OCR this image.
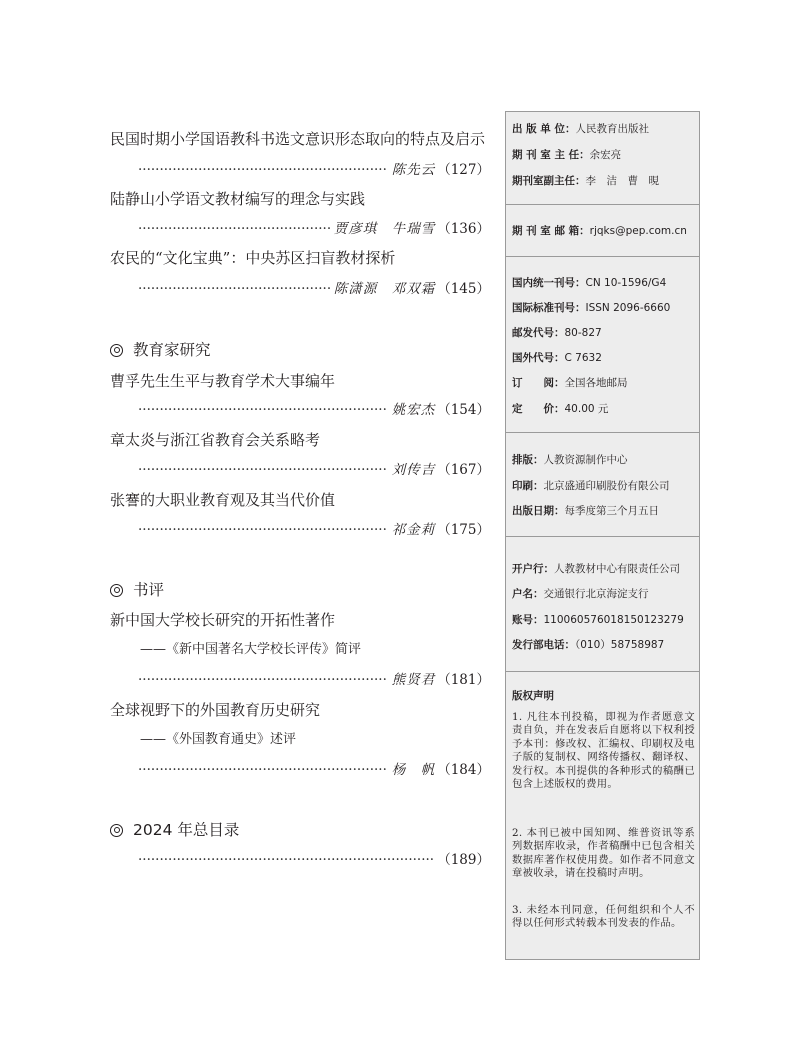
民国时期小学国语教科书选文意识形态取向的特点及启示
·····
陈先云 （127）
陆静山小学语文教材编写的理念与实践
·····
贾彦琪　牛瑞雪 （136）
农民的“文化宝典”：中央苏区扫盲教材探析
·····
陈潇源　邓双霜 （145）
教育家研究
曹孚先生生平与教育学术大事编年
·····
姚宏杰 （154）
章太炎与浙江省教育会关系略考
·····
刘传吉 （167）
张謇的大职业教育观及其当代价值
·····
祁金莉 （175）
书评
新中国大学校长研究的开拓性著作
——《新中国著名大学校长评传》简评
·····
熊贤君 （181）
全球视野下的外国教育历史研究
——《外国教育通史》述评
·····
杨　帆 （184）
2024 年总目录
·····
（189）
出 版 单 位：人民教育出版社
期 刊 室 主 任：余宏亮
期刊室副主任：李　洁　曹　晛
期 刊 室 邮 箱：rjqks@pep.com.cn
国内统一刊号：CN 10-1596/G4
国际标准刊号：ISSN 2096-6660
邮发代号：80-827
国外代号：C 7632
订　　阅：全国各地邮局
定　　价：40.00 元
排版：人教资源制作中心
印刷：北京盛通印刷股份有限公司
出版日期：每季度第三个月五日
开户行：人教教材中心有限责任公司
户名：交通银行北京海淀支行
账号：110060576018150123279
发行部电话：（010）58758987
版权声明
1. 凡往本刊投稿，即视为作者愿意文责自负，并在发表后自愿将以下权利授予本刊：修改权、汇编权、印刷权及电子版的复制权、网络传播权、翻译权、发行权。本刊提供的各种形式的稿酬已包含上述版权的费用。
2. 本刊已被中国知网、维普资讯等系列数据库收录，作者稿酬中已包含相关数据库著作权使用费。如作者不同意文章被收录，请在投稿时声明。
3. 未经本刊同意，任何组织和个人不得以任何形式转载本刊发表的作品。
